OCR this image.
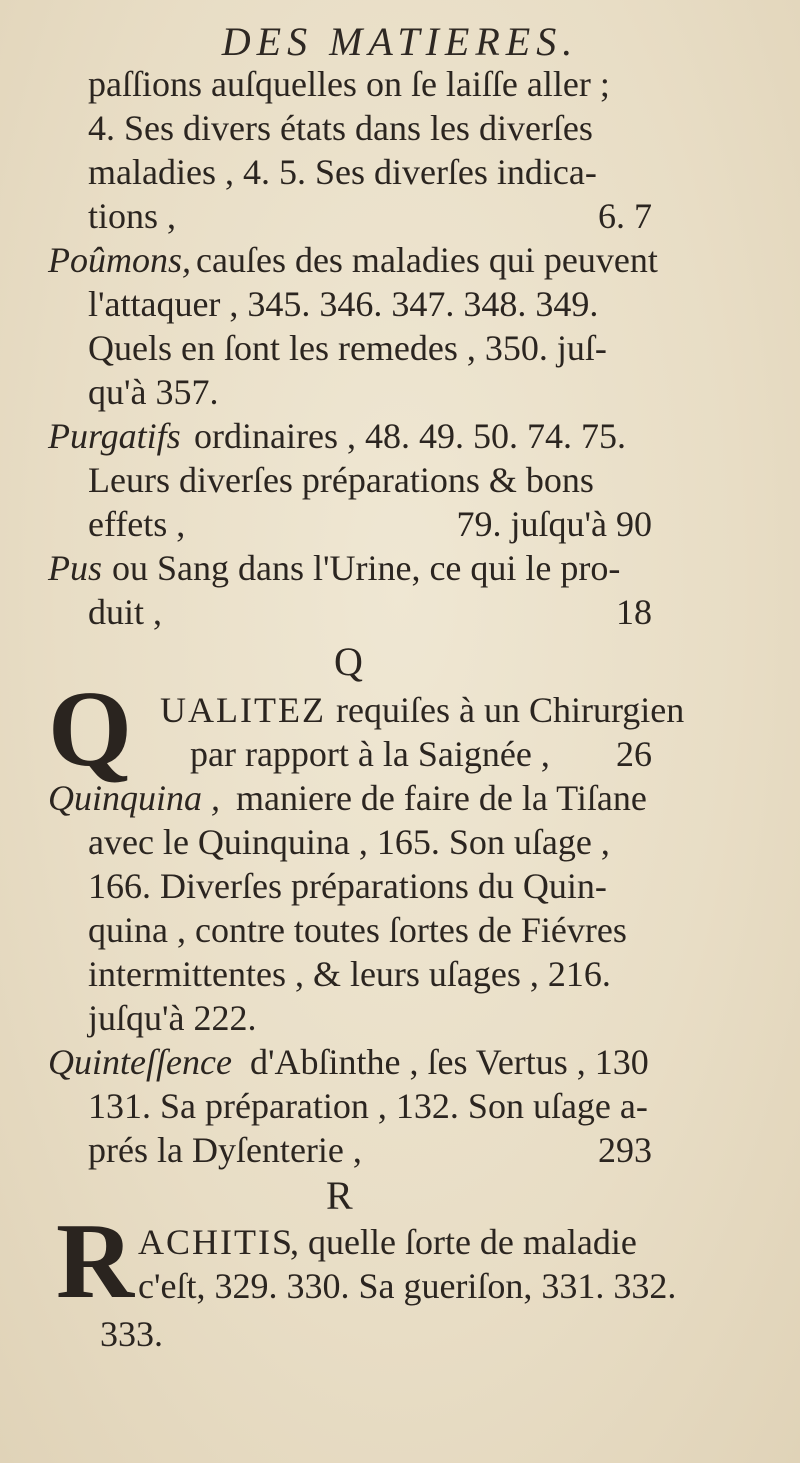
DES MATIERES.
paſſions auſquelles on ſe laiſſe aller ;
4. Ses divers états dans les diverſes
maladies , 4. 5. Ses diverſes indica-
tions ,	6. 7
Poûmons, cauſes des maladies qui peuvent
l'attaquer , 345. 346. 347. 348. 349.
Quels en ſont les remedes , 350. juſ-
qu'à 357.
Purgatifs ordinaires , 48. 49. 50. 74. 75.
Leurs diverſes préparations & bons
effets ,	79. juſqu'à 90
Pus ou Sang dans l'Urine, ce qui le pro-
duit ,	18
Q
Q UALITEZ requiſes à un Chirurgien
par rapport à la Saignée , 26
Quinquina , maniere de faire de la Tiſane
avec le Quinquina , 165. Son uſage ,
166. Diverſes préparations du Quin-
quina , contre toutes ſortes de Fiévres
intermittentes , & leurs uſages , 216.
juſqu'à 222.
Quinteſſence d'Abſinthe , ſes Vertus , 130
131. Sa préparation , 132. Son uſage a-
prés la Dyſenterie ,	293
R
R ACHITIS
, quelle ſorte de maladie
c'eſt, 329. 330. Sa gueriſon, 331. 332.
333.
